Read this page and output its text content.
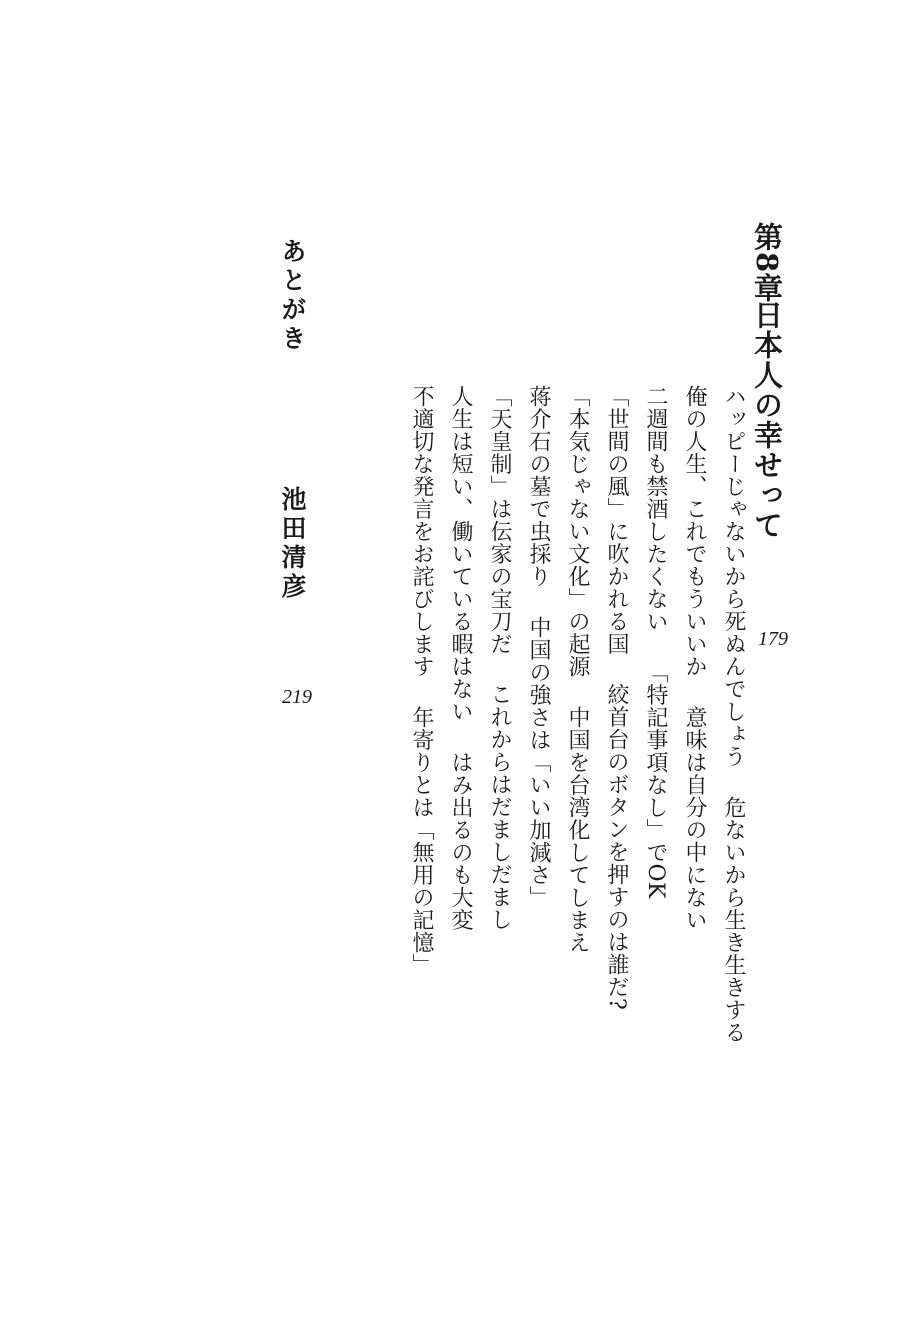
第8章
日本人の幸せって
179
ハッピーじゃないから死ぬんでしょう危ないから生き生きする
俺の人生、これでもういいか意味は自分の中にない
二週間も禁酒したくない「特記事項なし」でOK
「世間の風」に吹かれる国絞首台のボタンを押すのは誰だ?
「本気じゃない文化」の起源中国を台湾化してしまえ
蒋介石の墓で虫採り中国の強さは「いい加減さ」
「天皇制」は伝家の宝刀だこれからはだましだまし
人生は短い、働いている暇はないはみ出るのも大変
不適切な発言をお詫びします年寄りとは「無用の記憶」
あとがき
池田清彦
219
